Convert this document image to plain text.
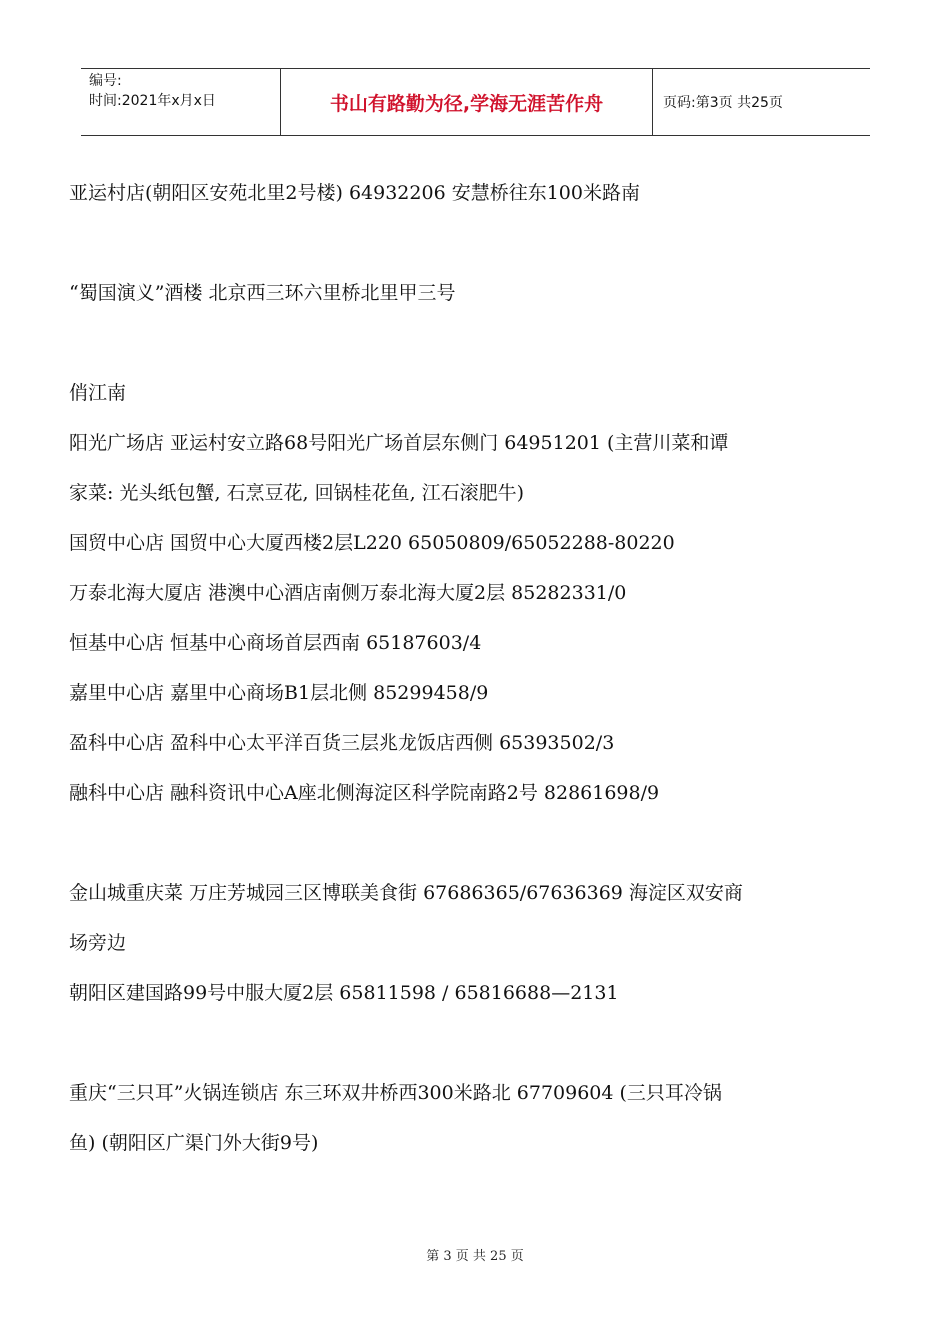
编号:
时间:2021年x月x日	书山有路勤为径,学海无涯苦作舟	页码:第3页 共25页
亚运村店(朝阳区安苑北里2号楼) 64932206 安慧桥往东100米路南
“蜀国演义”酒楼 北京西三环六里桥北里甲三号
俏江南
阳光广场店 亚运村安立路68号阳光广场首层东侧门 64951201 (主营川菜和谭
家菜: 光头纸包蟹, 石烹豆花, 回锅桂花鱼, 江石滚肥牛)
国贸中心店 国贸中心大厦西楼2层L220 65050809/65052288-80220
万泰北海大厦店 港澳中心酒店南侧万泰北海大厦2层 85282331/0
恒基中心店 恒基中心商场首层西南 65187603/4
嘉里中心店 嘉里中心商场B1层北侧 85299458/9
盈科中心店 盈科中心太平洋百货三层兆龙饭店西侧 65393502/3
融科中心店 融科资讯中心A座北侧海淀区科学院南路2号 82861698/9
金山城重庆菜 万庄芳城园三区博联美食街 67686365/67636369 海淀区双安商
场旁边
朝阳区建国路99号中服大厦2层 65811598 / 65816688—2131
重庆“三只耳”火锅连锁店 东三环双井桥西300米路北 67709604 (三只耳冷锅
鱼) (朝阳区广渠门外大街9号)
第 3 页 共 25 页
